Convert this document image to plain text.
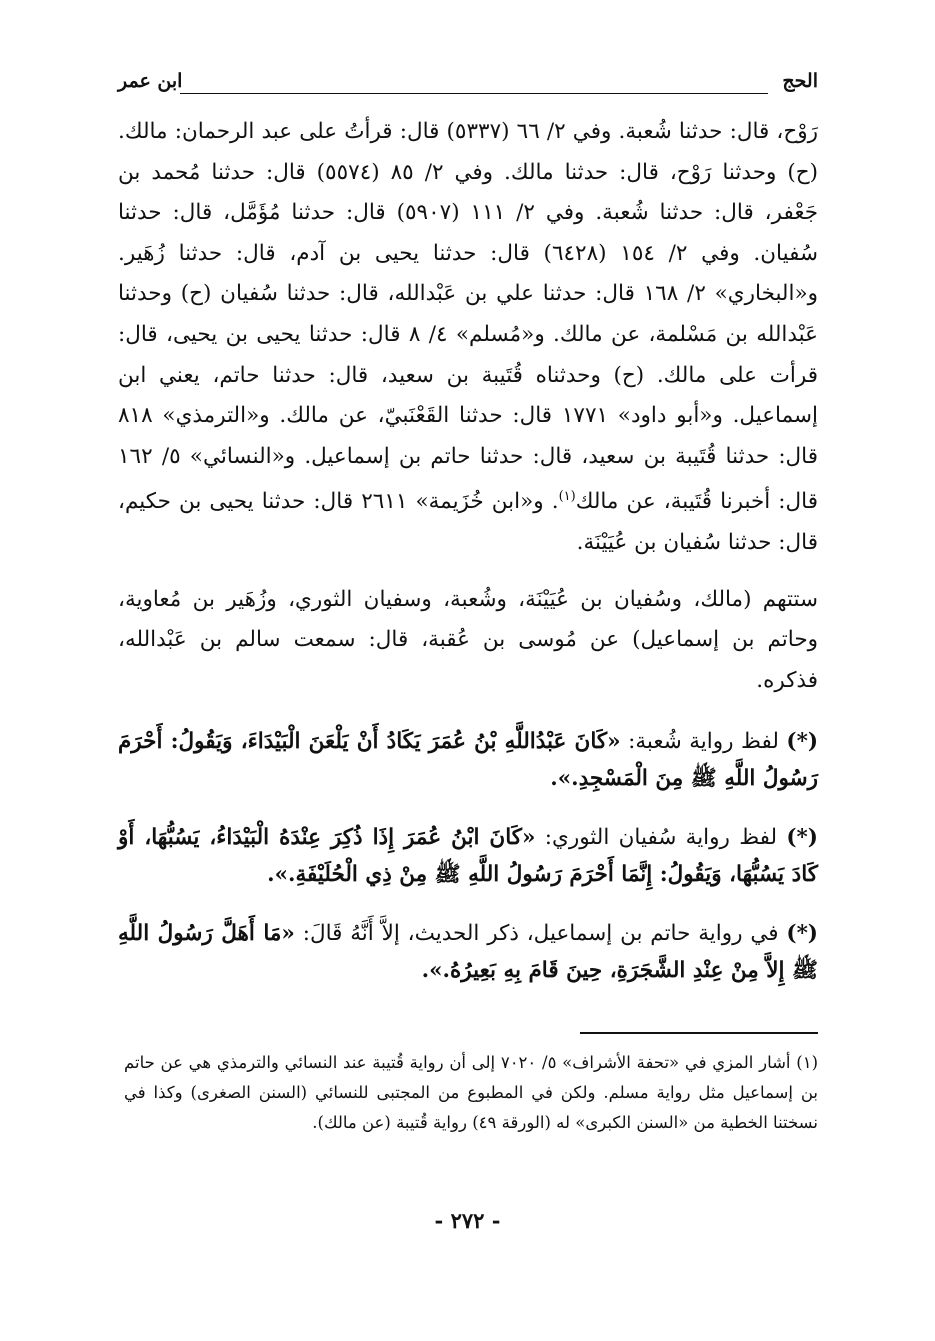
الحج
ابن عمر

رَوْح، قال: حدثنا شُعبة. وفي ٢/ ٦٦ (٥٣٣٧) قال: قرأتُ على عبد الرحمان: مالك. (ح) وحدثنا رَوْح، قال: حدثنا مالك. وفي ٢/ ٨٥ (٥٥٧٤) قال: حدثنا مُحمد بن جَعْفر، قال: حدثنا شُعبة. وفي ٢/ ١١١ (٥٩٠٧) قال: حدثنا مُؤَمَّل، قال: حدثنا سُفيان. وفي ٢/ ١٥٤ (٦٤٢٨) قال: حدثنا يحيى بن آدم، قال: حدثنا زُهَير. و«البخاري» ٢/ ١٦٨ قال: حدثنا علي بن عَبْدالله، قال: حدثنا سُفيان (ح) وحدثنا عَبْدالله بن مَسْلمة، عن مالك. و«مُسلم» ٤/ ٨ قال: حدثنا يحيى بن يحيى، قال: قرأت على مالك. (ح) وحدثناه قُتَيبة بن سعيد، قال: حدثنا حاتم، يعني ابن إسماعيل. و«أبو داود» ١٧٧١ قال: حدثنا القَعْنَبيّ، عن مالك. و«الترمذي» ٨١٨ قال: حدثنا قُتَيبة بن سعيد، قال: حدثنا حاتم بن إسماعيل. و«النسائي» ٥/ ١٦٢ قال: أخبرنا قُتَيبة، عن مالك$^{(١)}$. و«ابن خُزَيمة» ٢٦١١ قال: حدثنا يحيى بن حكيم، قال: حدثنا سُفيان بن عُيَيْنَة.

ستتهم (مالك، وسُفيان بن عُيَيْنَة، وشُعبة، وسفيان الثوري، وزُهَير بن مُعاوية، وحاتم بن إسماعيل) عن مُوسى بن عُقبة، قال: سمعت سالم بن عَبْدالله، فذكره.

(*) لفظ رواية شُعبة: «كَانَ عَبْدُاللَّهِ بْنُ عُمَرَ يَكَادُ أَنْ يَلْعَنَ الْبَيْدَاءَ، وَيَقُولُ: أَحْرَمَ رَسُولُ اللَّهِ ﷺ مِنَ الْمَسْجِدِ.».

(*) لفظ رواية سُفيان الثوري: «كَانَ ابْنُ عُمَرَ إِذَا ذُكِرَ عِنْدَهُ الْبَيْدَاءُ، يَسُبُّهَا، أَوْ كَادَ يَسُبُّهَا، وَيَقُولُ: إِنَّمَا أَحْرَمَ رَسُولُ اللَّهِ ﷺ مِنْ ذِي الْحُلَيْفَةِ.».

(*) في رواية حاتم بن إسماعيل، ذكر الحديث، إلاَّ أَنَّهُ قَالَ: «مَا أَهَلَّ رَسُولُ اللَّهِ ﷺ إِلاَّ مِنْ عِنْدِ الشَّجَرَةِ، حِينَ قَامَ بِهِ بَعِيرُهُ.».

(١) أشار المزي في «تحفة الأشراف» ٥/ ٧٠٢٠ إلى أن رواية قُتيبة عند النسائي والترمذي هي عن حاتم بن إسماعيل مثل رواية مسلم. ولكن في المطبوع من المجتبى للنسائي (السنن الصغرى) وكذا في نسختنا الخطية من «السنن الكبرى» له (الورقة ٤٩) رواية قُتيبة (عن مالك).

- ٢٧٢ -
